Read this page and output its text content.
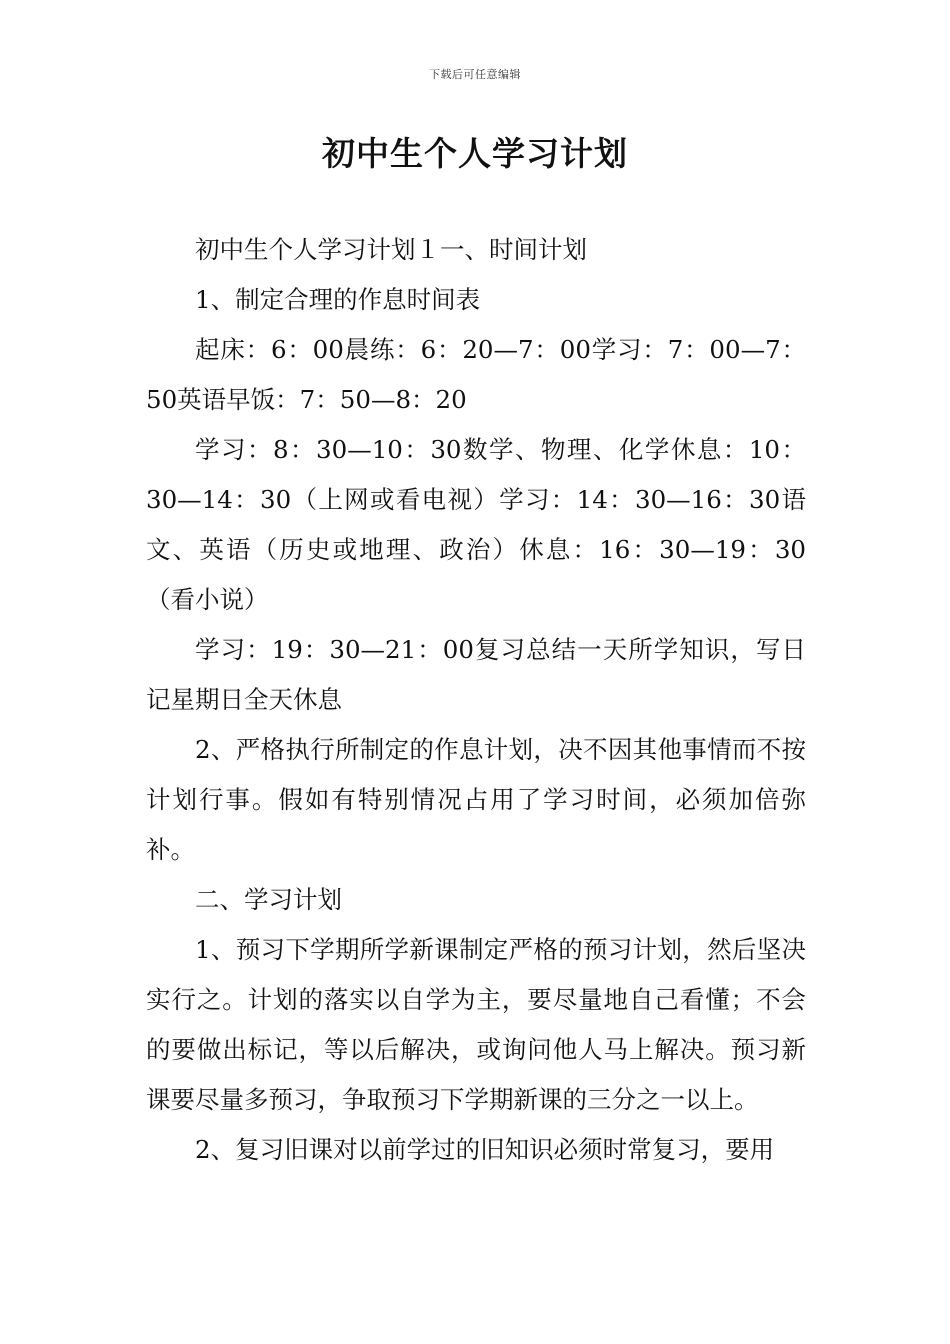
下载后可任意编辑
初中生个人学习计划

初中生个人学习计划１一、时间计划

1、制定合理的作息时间表

起床：6：00晨练：6：20—7：00学习：7：00—7：50英语早饭：7：50—8：20

学习：8：30—10：30数学、物理、化学休息：10：30—14：30（上网或看电视）学习：14：30—16：30语文、英语（历史或地理、政治）休息：16：30—19：30（看小说）

学习：19：30—21：00复习总结一天所学知识，写日记星期日全天休息

2、严格执行所制定的作息计划，决不因其他事情而不按计划行事。假如有特别情况占用了学习时间，必须加倍弥补。

二、学习计划

1、预习下学期所学新课制定严格的预习计划，然后坚决实行之。计划的落实以自学为主，要尽量地自己看懂；不会的要做出标记，等以后解决，或询问他人马上解决。预习新课要尽量多预习，争取预习下学期新课的三分之一以上。

2、复习旧课对以前学过的旧知识必须时常复习，要用
